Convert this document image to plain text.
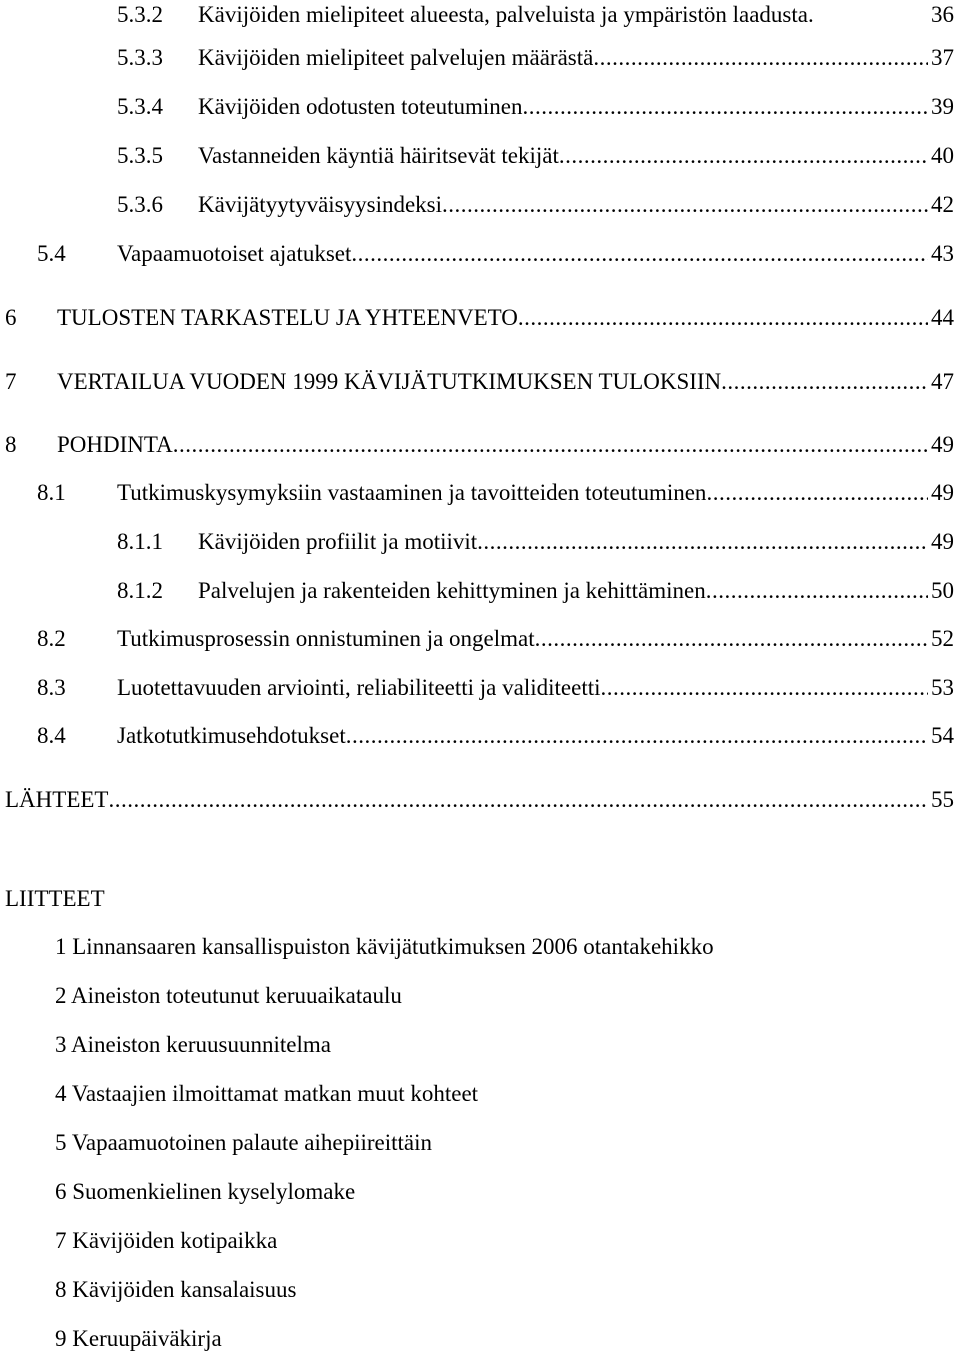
5.3.2	Kävijöiden mielipiteet alueesta, palveluista ja ympäristön laadusta.	36
5.3.3	Kävijöiden mielipiteet palvelujen määrästä .....	37
5.3.4	Kävijöiden odotusten toteutuminen .....	39
5.3.5	Vastanneiden käyntiä häiritsevät tekijät .....	40
5.3.6	Kävijätyytyväisyysindeksi .....	42
5.4	Vapaamuotoiset ajatukset .....	43
6	TULOSTEN TARKASTELU JA YHTEENVETO .....	44
7	VERTAILUA VUODEN 1999 KÄVIJÄTUTKIMUKSEN TULOKSIIN .....	47
8	POHDINTA .....	49
8.1	Tutkimuskysymyksiin vastaaminen ja tavoitteiden toteutuminen .....	49
8.1.1	Kävijöiden profiilit ja motiivit .....	49
8.1.2	Palvelujen ja rakenteiden kehittyminen ja kehittäminen .....	50
8.2	Tutkimusprosessin onnistuminen ja ongelmat .....	52
8.3	Luotettavuuden arviointi, reliabiliteetti ja validiteetti .....	53
8.4	Jatkotutkimusehdotukset .....	54
LÄHTEET .....	55
LIITTEET
1 Linnansaaren kansallispuiston kävijätutkimuksen 2006 otantakehikko
2 Aineiston toteutunut keruuaikataulu
3 Aineiston keruusuunnitelma
4 Vastaajien ilmoittamat matkan muut kohteet
5 Vapaamuotoinen palaute aihepiireittäin
6 Suomenkielinen kyselylomake
7 Kävijöiden kotipaikka
8 Kävijöiden kansalaisuus
9 Keruupäiväkirja
